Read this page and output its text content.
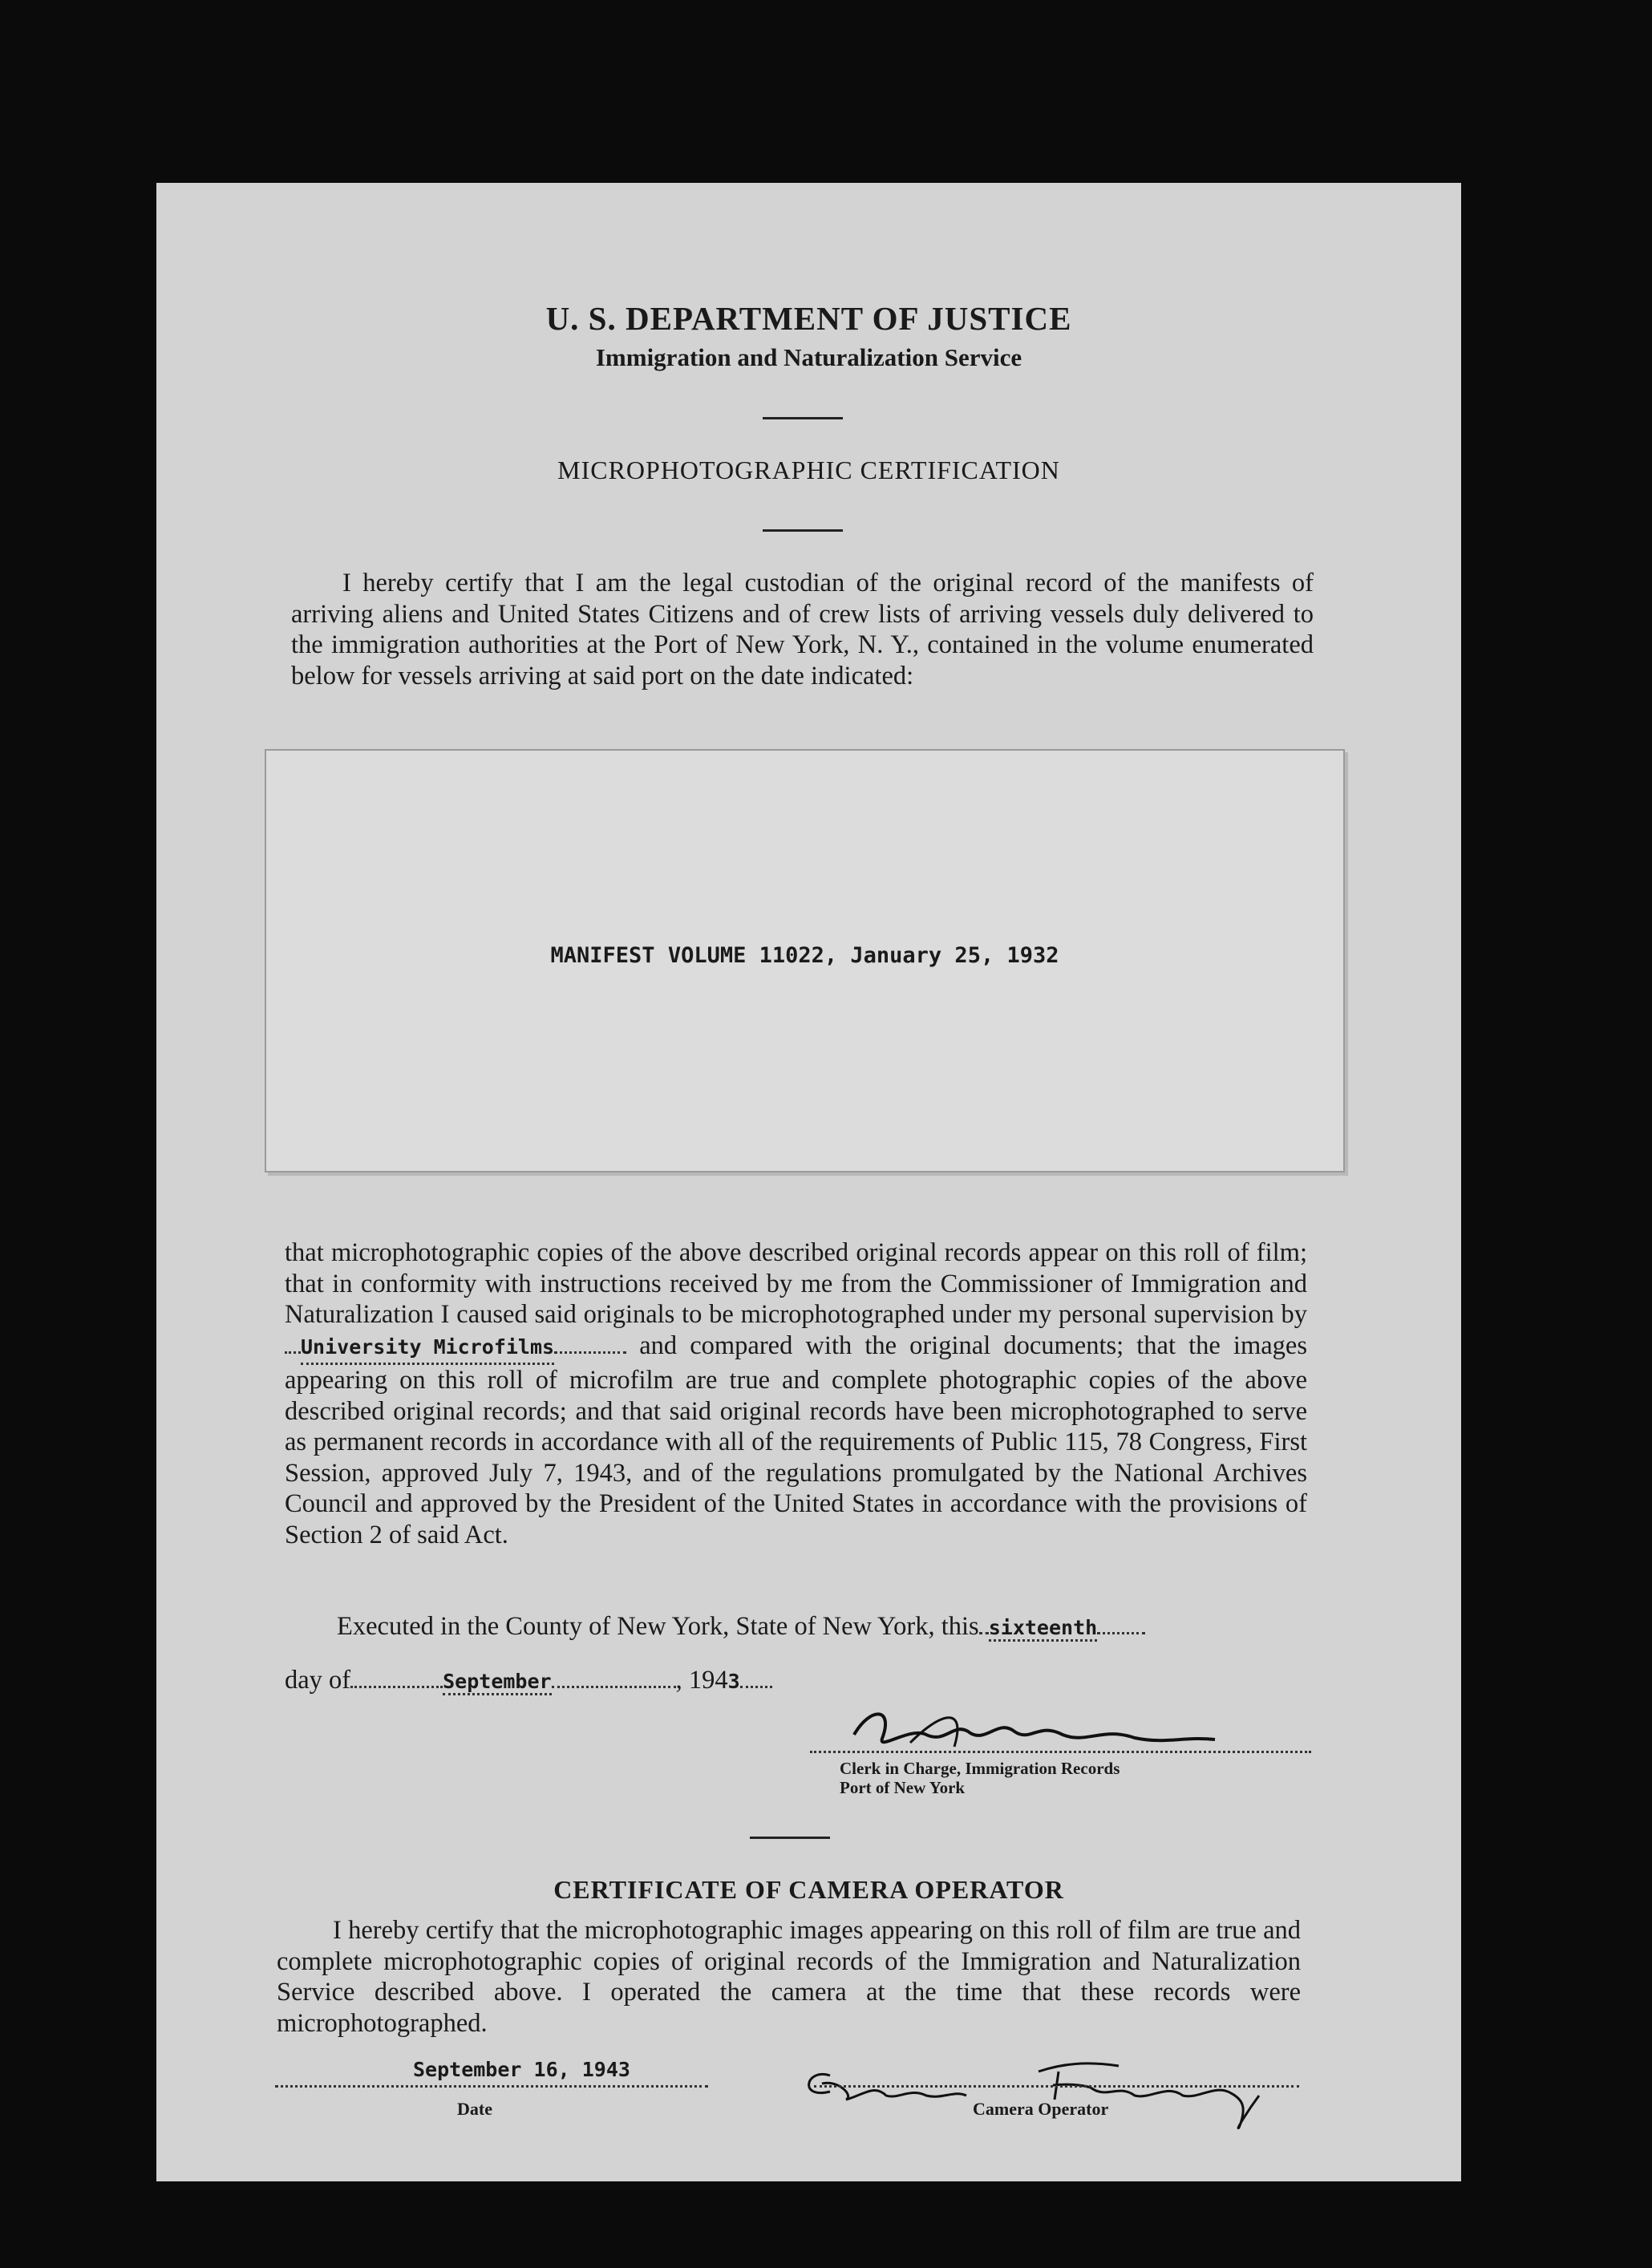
U. S. DEPARTMENT OF JUSTICE
Immigration and Naturalization Service
MICROPHOTOGRAPHIC CERTIFICATION
I hereby certify that I am the legal custodian of the original record of the manifests of arriving aliens and United States Citizens and of crew lists of arriving vessels duly delivered to the immigration authorities at the Port of New York, N. Y., contained in the volume enumerated below for vessels arriving at said port on the date indicated:
MANIFEST VOLUME 11022, January 25, 1932
that microphotographic copies of the above described original records appear on this roll of film; that in conformity with instructions received by me from the Commissioner of Immigration and Naturalization I caused said originals to be microphotographed under my personal supervision byUniversity Microfilms	and compared with the original documents; that the images appearing on this roll of microfilm are true and complete photographic copies of the above described original records; and that said original records have been microphotographed to serve as permanent records in accordance with all of the requirements of Public 115, 78 Congress, First Session, approved July 7, 1943, and of the regulations promulgated by the National Archives Council and approved by the President of the United States in accordance with the provisions of Section 2 of said Act.
Executed in the County of New York, State of New York, this sixteenth
day of	September	, 1943
Clerk in Charge, Immigration Records
Port of New York
CERTIFICATE OF CAMERA OPERATOR
I hereby certify that the microphotographic images appearing on this roll of film are true and complete microphotographic copies of original records of the Immigration and Naturalization Service described above. I operated the camera at the time that these records were microphotographed.
September 16, 1943
Date	Camera Operator
